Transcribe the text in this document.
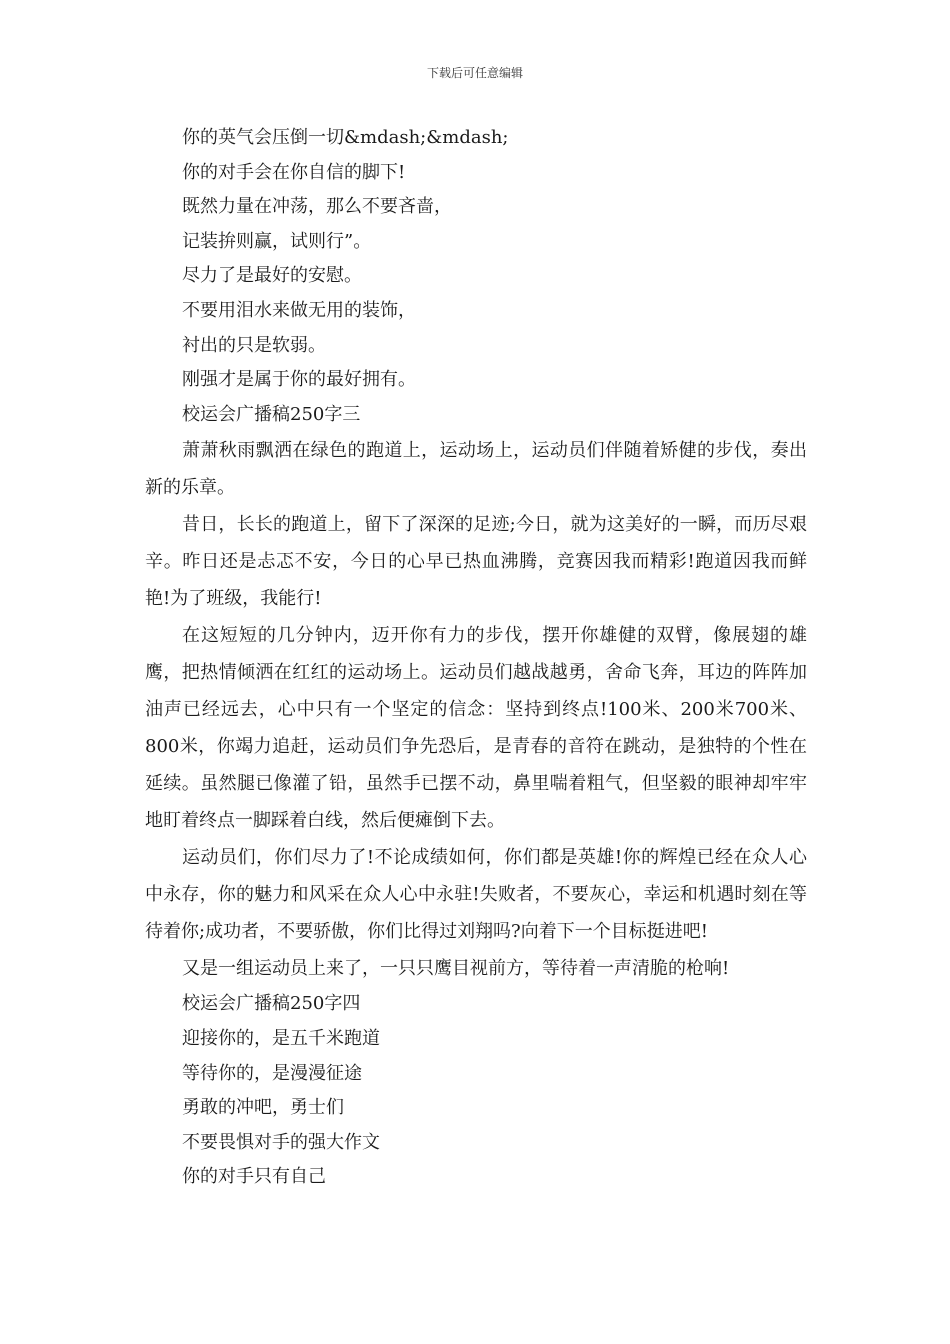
下载后可任意编辑
你的英气会压倒一切&mdash;&mdash;
你的对手会在你自信的脚下!
既然力量在冲荡，那么不要吝啬，
记装拚则赢，试则行”。
尽力了是最好的安慰。
不要用泪水来做无用的装饰，
衬出的只是软弱。
刚强才是属于你的最好拥有。
校运会广播稿250字三

萧萧秋雨飘洒在绿色的跑道上，运动场上，运动员们伴随着矫健的步伐，奏出新的乐章。

昔日，长长的跑道上，留下了深深的足迹;今日，就为这美好的一瞬，而历尽艰辛。昨日还是忐忑不安，今日的心早已热血沸腾，竞赛因我而精彩!跑道因我而鲜艳!为了班级，我能行!

在这短短的几分钟内，迈开你有力的步伐，摆开你雄健的双臂，像展翅的雄鹰，把热情倾洒在红红的运动场上。运动员们越战越勇，舍命飞奔，耳边的阵阵加油声已经远去，心中只有一个坚定的信念：坚持到终点!100米、200米700米、800米，你竭力追赶，运动员们争先恐后，是青春的音符在跳动，是独特的个性在延续。虽然腿已像灌了铅，虽然手已摆不动，鼻里喘着粗气，但坚毅的眼神却牢牢地盯着终点一脚踩着白线，然后便瘫倒下去。

运动员们，你们尽力了!不论成绩如何，你们都是英雄!你的辉煌已经在众人心中永存，你的魅力和风采在众人心中永驻!失败者，不要灰心，幸运和机遇时刻在等待着你;成功者，不要骄傲，你们比得过刘翔吗?向着下一个目标挺进吧!

又是一组运动员上来了，一只只鹰目视前方，等待着一声清脆的枪响!

校运会广播稿250字四
迎接你的，是五千米跑道
等待你的，是漫漫征途
勇敢的冲吧，勇士们
不要畏惧对手的强大作文
你的对手只有自己
